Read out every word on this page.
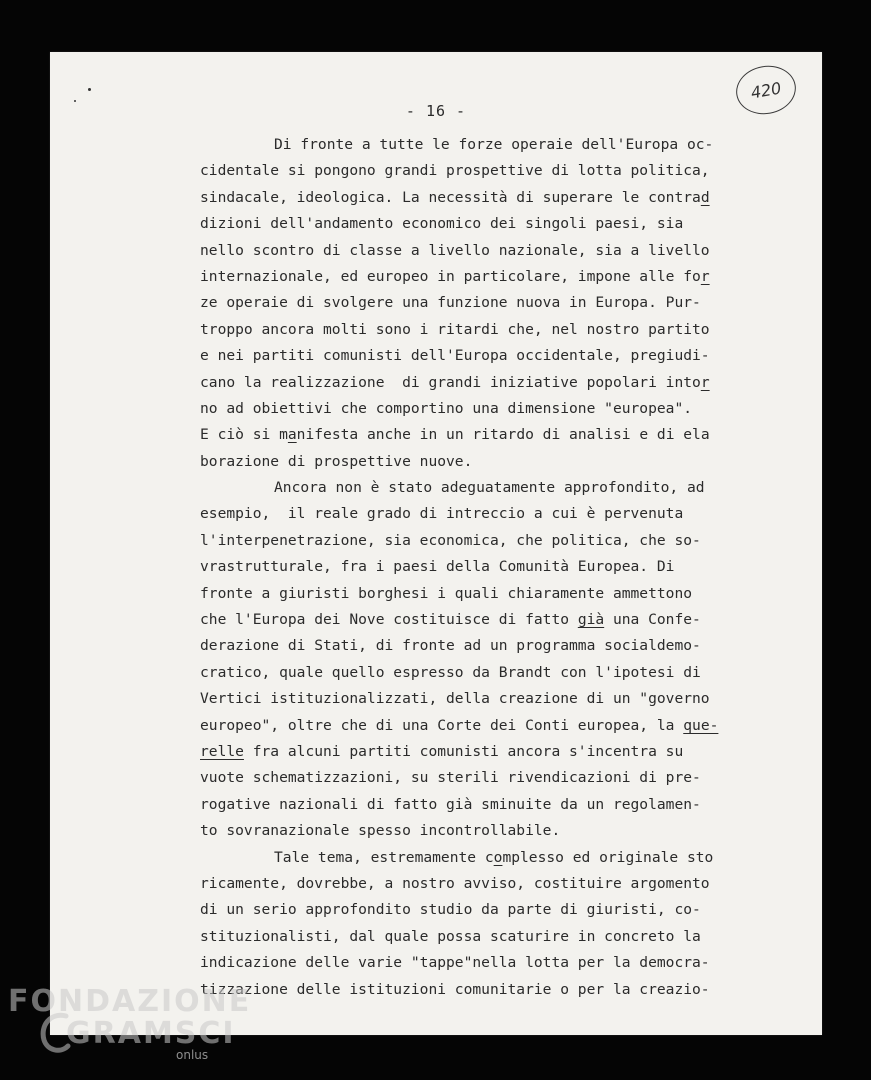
- 16 -
420
Di fronte a tutte le forze operaie dell'Europa oc-
cidentale si pongono grandi prospettive di lotta politica,
sindacale, ideologica. La necessità di superare le contrad
dizioni dell'andamento economico dei singoli paesi, sia
nello scontro di classe a livello nazionale, sia a livello
internazionale, ed europeo in particolare, impone alle for
ze operaie di svolgere una funzione nuova in Europa. Pur-
troppo ancora molti sono i ritardi che, nel nostro partito
e nei partiti comunisti dell'Europa occidentale, pregiudi-
cano la realizzazione  di grandi iniziative popolari intor
no ad obiettivi che comportino una dimensione "europea".
E ciò si manifesta anche in un ritardo di analisi e di ela
borazione di prospettive nuove.
Ancora non è stato adeguatamente approfondito, ad
esempio,  il reale grado di intreccio a cui è pervenuta
l'interpenetrazione, sia economica, che politica, che so-
vrastrutturale, fra i paesi della Comunità Europea. Di
fronte a giuristi borghesi i quali chiaramente ammettono
che l'Europa dei Nove costituisce di fatto già una Confe-
derazione di Stati, di fronte ad un programma socialdemo-
cratico, quale quello espresso da Brandt con l'ipotesi di
Vertici istituzionalizzati, della creazione di un "governo
europeo", oltre che di una Corte dei Conti europea, la que-
relle fra alcuni partiti comunisti ancora s'incentra su
vuote schematizzazioni, su sterili rivendicazioni di pre-
rogative nazionali di fatto già sminuite da un regolamen-
to sovranazionale spesso incontrollabile.
Tale tema, estremamente complesso ed originale sto
ricamente, dovrebbe, a nostro avviso, costituire argomento
di un serio approfondito studio da parte di giuristi, co-
stituzionalisti, dal quale possa scaturire in concreto la
indicazione delle varie "tappe"nella lotta per la democra-
tizzazione delle istituzioni comunitarie o per la creazio-
FONDAZIONE
GRAMSCI
onlus
